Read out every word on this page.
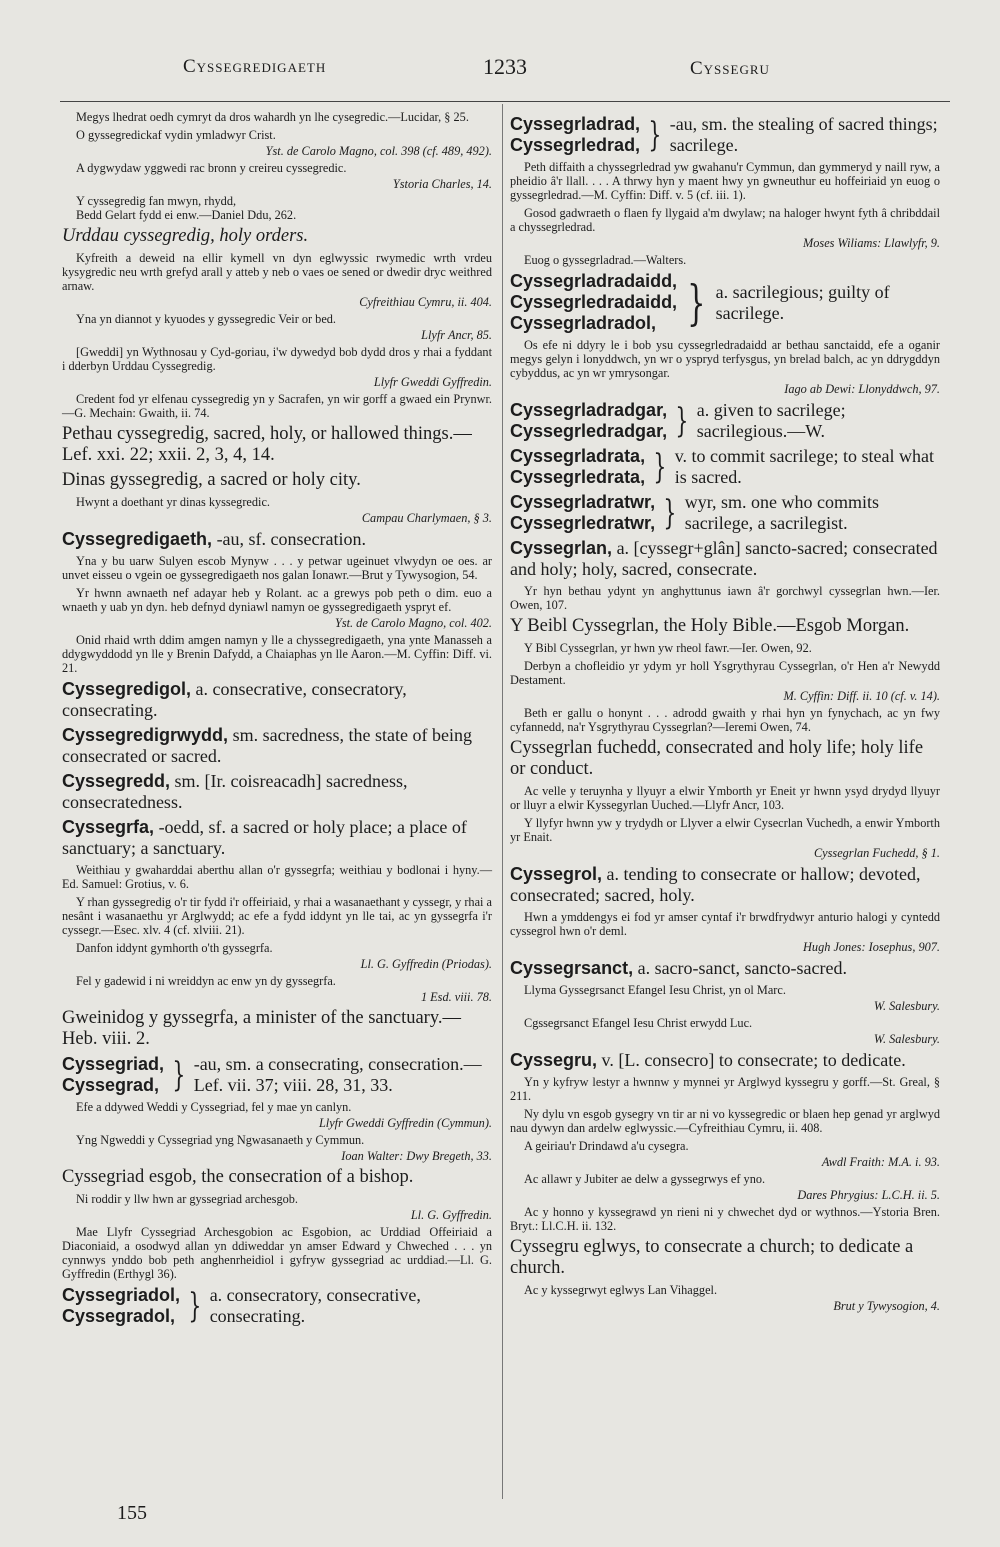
Cyssegredigaeth	1233	Cyssegru

Megys lhedrat oedh cymryt da dros wahardh yn lhe cysegredic.—Lucidar, § 25.

O gyssegredickaf vydin ymladwyr Crist.

Yst. de Carolo Magno, col. 398 (cf. 489, 492).

A dygwydaw yggwedi rac bronn y creireu cyssegredic.

Ystoria Charles, 14.

Y cyssegredig fan mwyn, rhydd,

Bedd Gelart fydd ei enw.—Daniel Ddu, 262.

Urddau cyssegredig, holy orders.

Kyfreith a deweid na ellir kymell vn dyn eglwyssic rwymedic wrth vrdeu kysygredic neu wrth grefyd arall y atteb y neb o vaes oe sened or dwedir dryc weithred arnaw.

Cyfreithiau Cymru, ii. 404.

Yna yn diannot y kyuodes y gyssegredic Veir or bed.

Llyfr Ancr, 85.

[Gweddi] yn Wythnosau y Cyd-goriau, i'w dywedyd bob dydd dros y rhai a fyddant i dderbyn Urddau Cyssegredig.

Llyfr Gweddi Gyffredin.

Credent fod yr elfenau cyssegredig yn y Sacrafen, yn wir gorff a gwaed ein Prynwr.—G. Mechain: Gwaith, ii. 74.

Pethau cyssegredig, sacred, holy, or hallowed things.—Lef. xxi. 22; xxii. 2, 3, 4, 14.

Dinas gyssegredig, a sacred or holy city.

Hwynt a doethant yr dinas kyssegredic.

Campau Charlymaen, § 3.

Cyssegredigaeth, -au, sf. consecration.

Yna y bu uarw Sulyen escob Mynyw . . . y petwar ugeinuet vlwydyn oe oes. ar unvet eisseu o vgein oe gyssegredigaeth nos galan Ionawr.—Brut y Tywysogion, 54.

Yr hwnn awnaeth nef adayar heb y Rolant. ac a grewys pob peth o dim. euo a wnaeth y uab yn dyn. heb defnyd dyniawl namyn oe gyssegredigaeth yspryt ef.

Yst. de Carolo Magno, col. 402.

Onid rhaid wrth ddim amgen namyn y lle a chyssegredigaeth, yna ynte Manasseh a ddygwyddodd yn lle y Brenin Dafydd, a Chaiaphas yn lle Aaron.—M. Cyffin: Diff. vi. 21.

Cyssegredigol, a. consecrative, consecratory, consecrating.

Cyssegredigrwydd, sm. sacredness, the state of being consecrated or sacred.

Cyssegredd, sm. [Ir. coisreacadh] sacredness, consecratedness.

Cyssegrfa, -oedd, sf. a sacred or holy place; a place of sanctuary; a sanctuary.

Weithiau y gwaharddai aberthu allan o'r gyssegrfa; weithiau y bodlonai i hyny.—Ed. Samuel: Grotius, v. 6.

Y rhan gyssegredig o'r tir fydd i'r offeiriaid, y rhai a wasanaethant y cyssegr, y rhai a nesânt i wasanaethu yr Arglwydd; ac efe a fydd iddynt yn lle tai, ac yn gyssegrfa i'r cyssegr.—Esec. xlv. 4 (cf. xlviii. 21).

Danfon iddynt gymhorth o'th gyssegrfa.

Ll. G. Gyffredin (Priodas).

Fel y gadewid i ni wreiddyn ac enw yn dy gyssegrfa.

1 Esd. viii. 78.

Gweinidog y gyssegrfa, a minister of the sanctuary.—Heb. viii. 2.

Cyssegriad,
Cyssegrad, } -au, sm. a consecrating, consecration.—Lef. vii. 37; viii. 28, 31, 33.

Efe a ddywed Weddi y Cyssegriad, fel y mae yn canlyn.

Llyfr Gweddi Gyffredin (Cymmun).

Yng Ngweddi y Cyssegriad yng Ngwasanaeth y Cymmun.

Ioan Walter: Dwy Bregeth, 33.

Cyssegriad esgob, the consecration of a bishop.

Ni roddir y llw hwn ar gyssegriad archesgob.

Ll. G. Gyffredin.

Mae Llyfr Cyssegriad Archesgobion ac Esgobion, ac Urddiad Offeiriaid a Diaconiaid, a osodwyd allan yn ddiweddar yn amser Edward y Chweched . . . yn cynnwys ynddo bob peth anghenrheidiol i gyfryw gyssegriad ac urddiad.—Ll. G. Gyffredin (Erthygl 36).

Cyssegriadol,
Cyssegradol, } a. consecratory, consecrative, consecrating.
Cyssegrladrad,
Cyssegrledrad, } -au, sm. the stealing of sacred things; sacrilege.

Peth diffaith a chyssegrledrad yw gwahanu'r Cymmun, dan gymmeryd y naill ryw, a pheidio â'r llall. . . . A thrwy hyn y maent hwy yn gwneuthur eu hoffeiriaid yn euog o gyssegrledrad.—M. Cyffin: Diff. v. 5 (cf. iii. 1).

Gosod gadwraeth o flaen fy llygaid a'm dwylaw; na haloger hwynt fyth â chribddail a chyssegrledrad.

Moses Wiliams: Llawlyfr, 9.

Euog o gyssegrladrad.—Walters.

Cyssegrladradaidd,
Cyssegrledradaidd,
Cyssegrladradol, } a. sacrilegious; guilty of sacrilege.

Os efe ni ddyry le i bob ysu cyssegrledradaidd ar bethau sanctaidd, efe a oganir megys gelyn i lonyddwch, yn wr o yspryd terfysgus, yn brelad balch, ac yn ddrygddyn cybyddus, ac yn wr ymrysongar.

Iago ab Dewi: Llonyddwch, 97.

Cyssegrladradgar,
Cyssegrledradgar, } a. given to sacrilege; sacrilegious.—W.
Cyssegrladrata,
Cyssegrledrata, } v. to commit sacrilege; to steal what is sacred.
Cyssegrladratwr,
Cyssegrledratwr, } wyr, sm. one who commits sacrilege, a sacrilegist.

Cyssegrlan, a. [cyssegr+glân] sancto-sacred; consecrated and holy; holy, sacred, consecrate.

Yr hyn bethau ydynt yn anghyttunus iawn â'r gorchwyl cyssegrlan hwn.—Ier. Owen, 107.

Y Beibl Cyssegrlan, the Holy Bible.—Esgob Morgan.

Y Bibl Cyssegrlan, yr hwn yw rheol fawr.—Ier. Owen, 92.

Derbyn a chofleidio yr ydym yr holl Ysgrythyrau Cyssegrlan, o'r Hen a'r Newydd Destament.

M. Cyffin: Diff. ii. 10 (cf. v. 14).

Beth er gallu o honynt . . . adrodd gwaith y rhai hyn yn fynychach, ac yn fwy cyfannedd, na'r Ysgrythyrau Cyssegrlan?—Ieremi Owen, 74.

Cyssegrlan fuchedd, consecrated and holy life; holy life or conduct.

Ac velle y teruynha y llyuyr a elwir Ymborth yr Eneit yr hwnn ysyd drydyd llyuyr or lluyr a elwir Kyssegyrlan Uuched.—Llyfr Ancr, 103.

Y llyfyr hwnn yw y trydydh or Llyver a elwir Cysecrlan Vuchedh, a enwir Ymborth yr Enait.

Cyssegrlan Fuchedd, § 1.

Cyssegrol, a. tending to consecrate or hallow; devoted, consecrated; sacred, holy.

Hwn a ymddengys ei fod yr amser cyntaf i'r brwdfrydwyr anturio halogi y cyntedd cyssegrol hwn o'r deml.

Hugh Jones: Iosephus, 907.

Cyssegrsanct, a. sacro-sanct, sancto-sacred.

Llyma Gyssegrsanct Efangel Iesu Christ, yn ol Marc.

W. Salesbury.

Cgssegrsanct Efangel Iesu Christ erwydd Luc.

W. Salesbury.

Cyssegru, v. [L. consecro] to consecrate; to dedicate.

Yn y kyfryw lestyr a hwnnw y mynnei yr Arglwyd kyssegru y gorff.—St. Greal, § 211.

Ny dylu vn esgob gysegry vn tir ar ni vo kyssegredic or blaen hep genad yr arglwyd nau dywyn dan ardelw eglwyssic.—Cyfreithiau Cymru, ii. 408.

A geiriau'r Drindawd a'u cysegra.

Awdl Fraith: M.A. i. 93.

Ac allawr y Jubiter ae delw a gyssegrwys ef yno.

Dares Phrygius: L.C.H. ii. 5.

Ac y honno y kyssegrawd yn rieni ni y chwechet dyd or wythnos.—Ystoria Bren. Bryt.: Ll.C.H. ii. 132.

Cyssegru eglwys, to consecrate a church; to dedicate a church.

Ac y kyssegrwyt eglwys Lan Vihaggel.

Brut y Tywysogion, 4.

155
